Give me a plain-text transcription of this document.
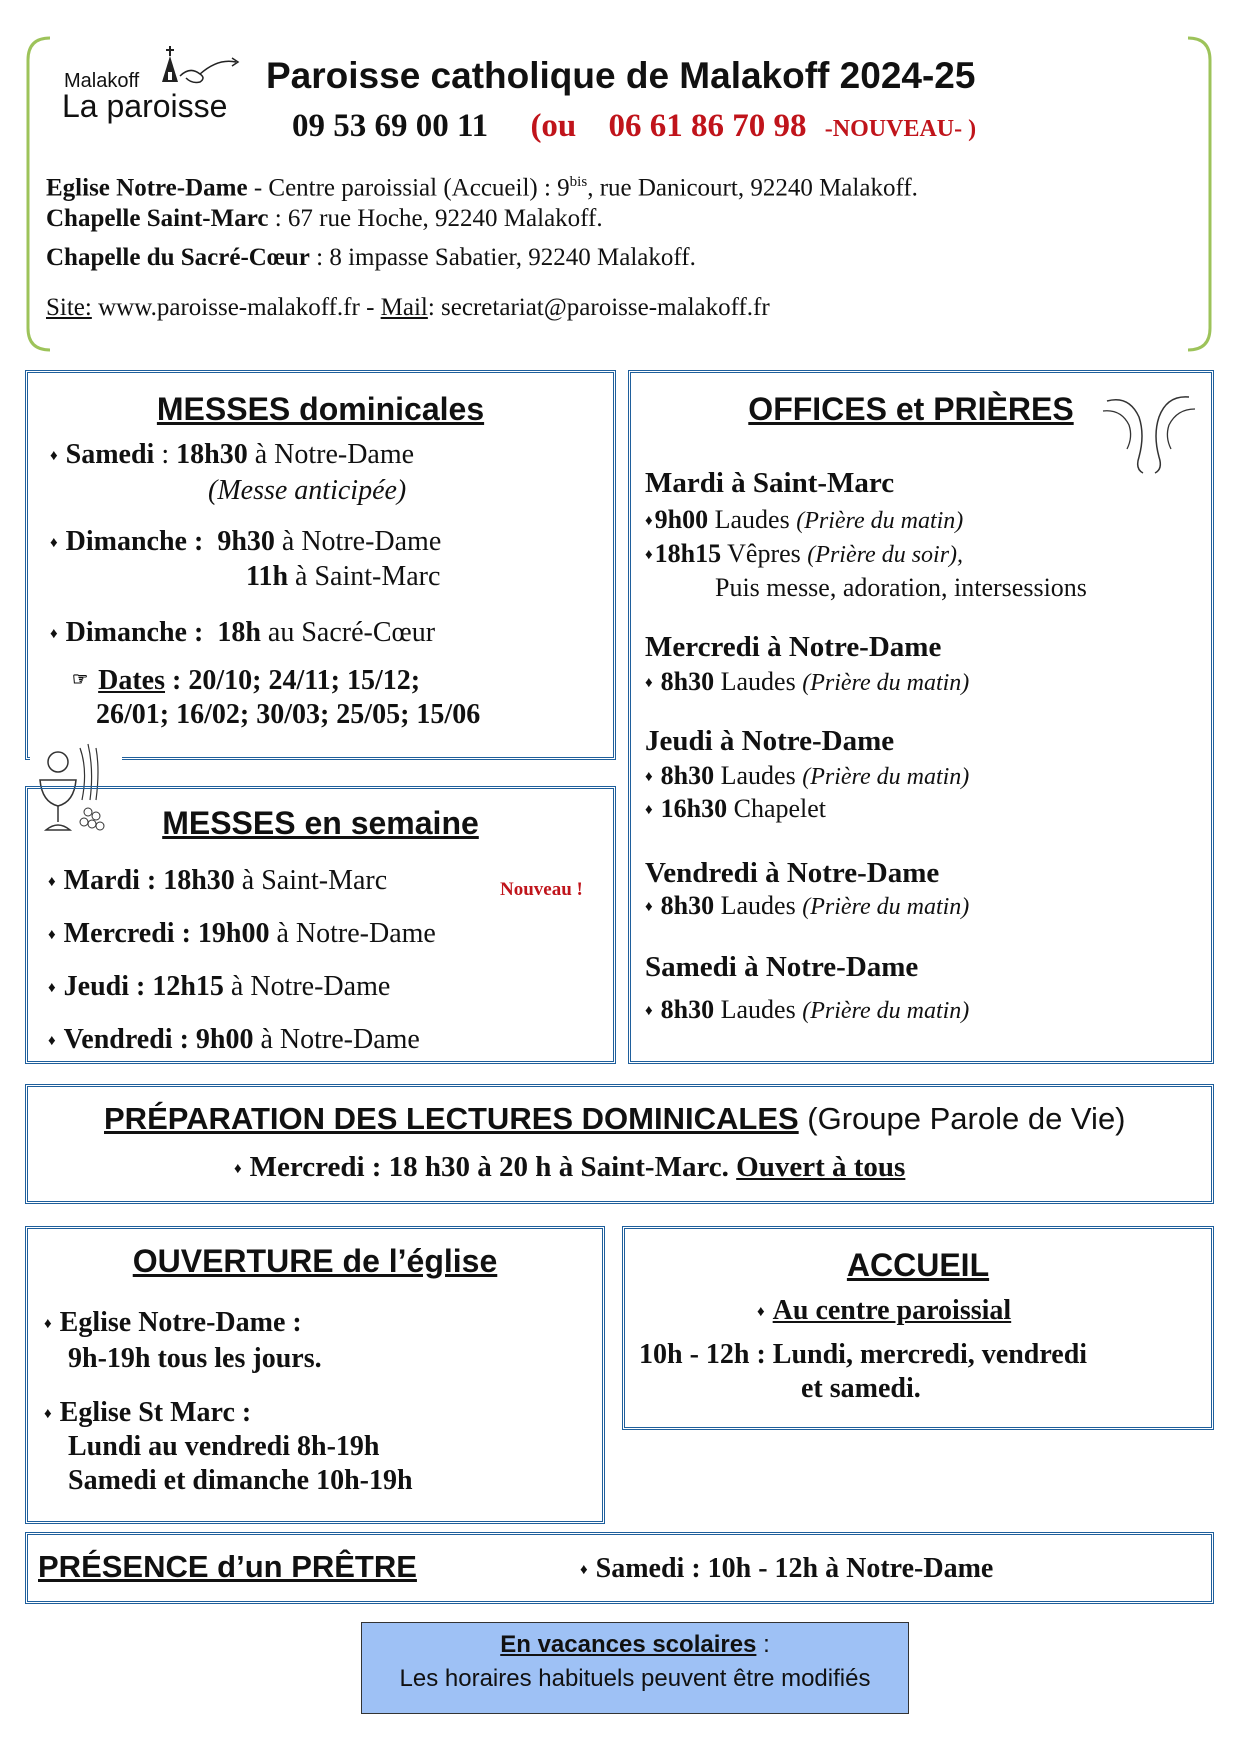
Malakoff
La paroisse
Paroisse catholique de Malakoff 2024-25
09 53 69 00 11 (ou 06 61 86 70 98 -NOUVEAU- )
Eglise Notre-Dame - Centre paroissial (Accueil) : $9^{bis}$, rue Danicourt, 92240 Malakoff.
Chapelle Saint-Marc : 67 rue Hoche, 92240 Malakoff.
Chapelle du Sacré-Cœur : 8 impasse Sabatier, 92240 Malakoff.
Site: www.paroisse-malakoff.fr - Mail: secretariat@paroisse-malakoff.fr
MESSES dominicales
♦ Samedi : 18h30 à Notre-Dame
(Messe anticipée)
♦ Dimanche : 9h30 à Notre-Dame
11h à Saint-Marc
♦ Dimanche : 18h au Sacré-Cœur
☞ Dates : 20/10; 24/11; 15/12;
26/01; 16/02; 30/03; 25/05; 15/06
MESSES en semaine
Nouveau !
♦ Mardi : 18h30 à Saint-Marc
♦ Mercredi : 19h00 à Notre-Dame
♦ Jeudi : 12h15 à Notre-Dame
♦ Vendredi : 9h00 à Notre-Dame
OFFICES et PRIÈRES
Mardi à Saint-Marc
♦9h00 Laudes (Prière du matin)
♦18h15 Vêpres (Prière du soir),
Puis messe, adoration, intersessions
Mercredi à Notre-Dame
♦ 8h30 Laudes (Prière du matin)
Jeudi à Notre-Dame
♦ 8h30 Laudes (Prière du matin)
♦ 16h30 Chapelet
Vendredi à Notre-Dame
♦ 8h30 Laudes (Prière du matin)
Samedi à Notre-Dame
♦ 8h30 Laudes (Prière du matin)
PRÉPARATION DES LECTURES DOMINICALES (Groupe Parole de Vie)
♦ Mercredi : 18 h30 à 20 h à Saint-Marc. Ouvert à tous
OUVERTURE de l’église
♦ Eglise Notre-Dame :
9h-19h tous les jours.
♦ Eglise St Marc :
Lundi au vendredi 8h-19h
Samedi et dimanche 10h-19h
ACCUEIL
♦ Au centre paroissial
10h - 12h : Lundi, mercredi, vendredi
et samedi.
PRÉSENCE d’un PRÊTRE	♦ Samedi : 10h - 12h à Notre-Dame
En vacances scolaires :
Les horaires habituels peuvent être modifiés
